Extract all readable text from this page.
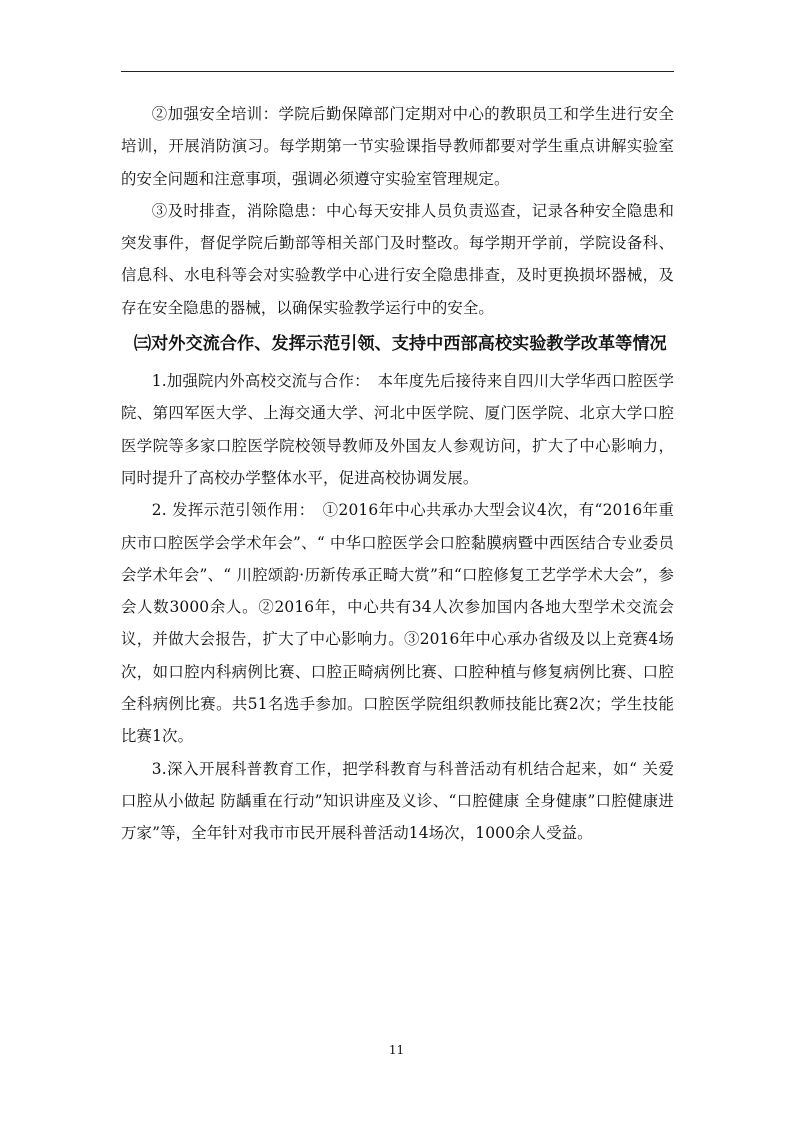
②加强安全培训：学院后勤保障部门定期对中心的教职员工和学生进行安全培训，开展消防演习。每学期第一节实验课指导教师都要对学生重点讲解实验室的安全问题和注意事项，强调必须遵守实验室管理规定。

③及时排查，消除隐患：中心每天安排人员负责巡查，记录各种安全隐患和突发事件，督促学院后勤部等相关部门及时整改。每学期开学前，学院设备科、信息科、水电科等会对实验教学中心进行安全隐患排查，及时更换损坏器械，及存在安全隐患的器械，以确保实验教学运行中的安全。

㈢对外交流合作、发挥示范引领、支持中西部高校实验教学改革等情况

1.加强院内外高校交流与合作：　本年度先后接待来自四川大学华西口腔医学院、第四军医大学、上海交通大学、河北中医学院、厦门医学院、北京大学口腔医学院等多家口腔医学院校领导教师及外国友人参观访问，扩大了中心影响力，同时提升了高校办学整体水平，促进高校协调发展。

2. 发挥示范引领作用：　①2016年中心共承办大型会议4次，有“2016年重庆市口腔医学会学术年会”、“ 中华口腔医学会口腔黏膜病暨中西医结合专业委员会学术年会”、“ 川腔颂韵·历新传承正畸大赏”和“口腔修复工艺学学术大会”，参会人数3000余人。②2016年，中心共有34人次参加国内各地大型学术交流会议，并做大会报告，扩大了中心影响力。③2016年中心承办省级及以上竞赛4场次，如口腔内科病例比赛、口腔正畸病例比赛、口腔种植与修复病例比赛、口腔全科病例比赛。共51名选手参加。口腔医学院组织教师技能比赛2次；学生技能比赛1次。

3.深入开展科普教育工作，把学科教育与科普活动有机结合起来，如“ 关爱口腔从小做起 防龋重在行动”知识讲座及义诊、“口腔健康 全身健康”口腔健康进万家”等，全年针对我市市民开展科普活动14场次，1000余人受益。

11
